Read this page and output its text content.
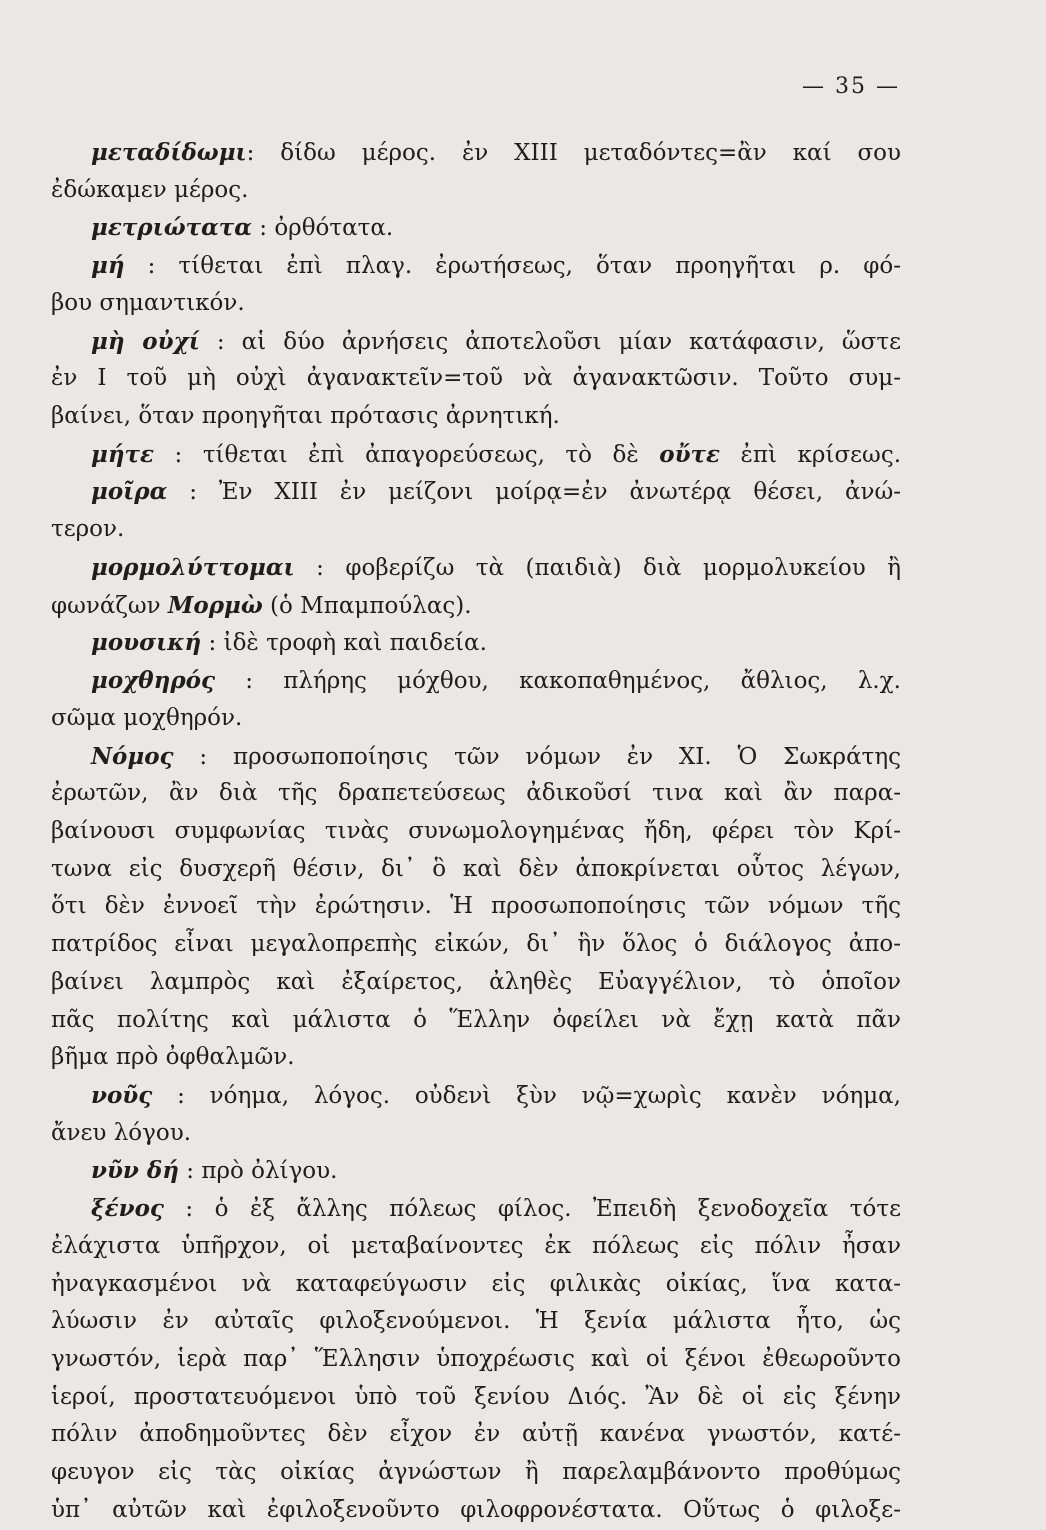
— 35 —
μεταδίδωμι: δίδω μέρος. ἐν XIII μεταδόντες=ἂν καί σου
ἐδώκαμεν μέρος.
μετριώτατα : ὀρθότατα.
μή : τίθεται ἐπὶ πλαγ. ἐρωτήσεως, ὅταν προηγῆται ρ. φό-
βου σημαντικόν.
μὴ οὐχί : αἱ δύο ἀρνήσεις ἀποτελοῦσι μίαν κατάφασιν, ὥστε
ἐν I τοῦ μὴ οὐχὶ ἀγανακτεῖν=τοῦ νὰ ἀγανακτῶσιν. Τοῦτο συμ-
βαίνει, ὅταν προηγῆται πρότασις ἀρνητική.
μήτε : τίθεται ἐπὶ ἀπαγορεύσεως, τὸ δὲ οὔτε ἐπὶ κρίσεως.
μοῖρα : Ἐν XIII ἐν μείζονι μοίρᾳ=ἐν ἀνωτέρᾳ θέσει, ἀνώ-
τερον.
μορμολύττομαι : φοβερίζω τὰ (παιδιὰ) διὰ μορμολυκείου ἢ
φωνάζων Μορμὼ (ὁ Μπαμπούλας).
μουσική : ἰδὲ τροφὴ καὶ παιδεία.
μοχθηρός : πλήρης μόχθου, κακοπαθημένος, ἄθλιος, λ.χ.
σῶμα μοχθηρόν.
Νόμος : προσωποποίησις τῶν νόμων ἐν XI. Ὁ Σωκράτης
ἐρωτῶν, ἂν διὰ τῆς δραπετεύσεως ἀδικοῦσί τινα καὶ ἂν παρα-
βαίνουσι συμφωνίας τινὰς συνωμολογημένας ἤδη, φέρει τὸν Κρί-
τωνα εἰς δυσχερῆ θέσιν, δι᾽ ὃ καὶ δὲν ἀποκρίνεται οὗτος λέγων,
ὅτι δὲν ἐννοεῖ τὴν ἐρώτησιν. Ἡ προσωποποίησις τῶν νόμων τῆς
πατρίδος εἶναι μεγαλοπρεπὴς εἰκών, δι᾽ ἣν ὅλος ὁ διάλογος ἀπο-
βαίνει λαμπρὸς καὶ ἐξαίρετος, ἀληθὲς Εὐαγγέλιον, τὸ ὁποῖον
πᾶς πολίτης καὶ μάλιστα ὁ Ἕλλην ὀφείλει νὰ ἔχῃ κατὰ πᾶν
βῆμα πρὸ ὀφθαλμῶν.
νοῦς : νόημα, λόγος. οὐδενὶ ξὺν νῷ=χωρὶς κανὲν νόημα,
ἄνευ λόγου.
νῦν δή : πρὸ ὀλίγου.
ξένος : ὁ ἐξ ἄλλης πόλεως φίλος. Ἐπειδὴ ξενοδοχεῖα τότε
ἐλάχιστα ὑπῆρχον, οἱ μεταβαίνοντες ἐκ πόλεως εἰς πόλιν ἦσαν
ἠναγκασμένοι νὰ καταφεύγωσιν εἰς φιλικὰς οἰκίας, ἵνα κατα-
λύωσιν ἐν αὐταῖς φιλοξενούμενοι. Ἡ ξενία μάλιστα ἦτο, ὡς
γνωστόν, ἱερὰ παρ᾽ Ἕλλησιν ὑποχρέωσις καὶ οἱ ξένοι ἐθεωροῦντο
ἱεροί, προστατευόμενοι ὑπὸ τοῦ ξενίου Διός. Ἂν δὲ οἱ εἰς ξένην
πόλιν ἀποδημοῦντες δὲν εἶχον ἐν αὐτῇ κανένα γνωστόν, κατέ-
φευγον εἰς τὰς οἰκίας ἀγνώστων ἢ παρελαμβάνοντο προθύμως
ὑπ᾽ αὐτῶν καὶ ἐφιλοξενοῦντο φιλοφρονέστατα. Οὕτως ὁ φιλοξε-
